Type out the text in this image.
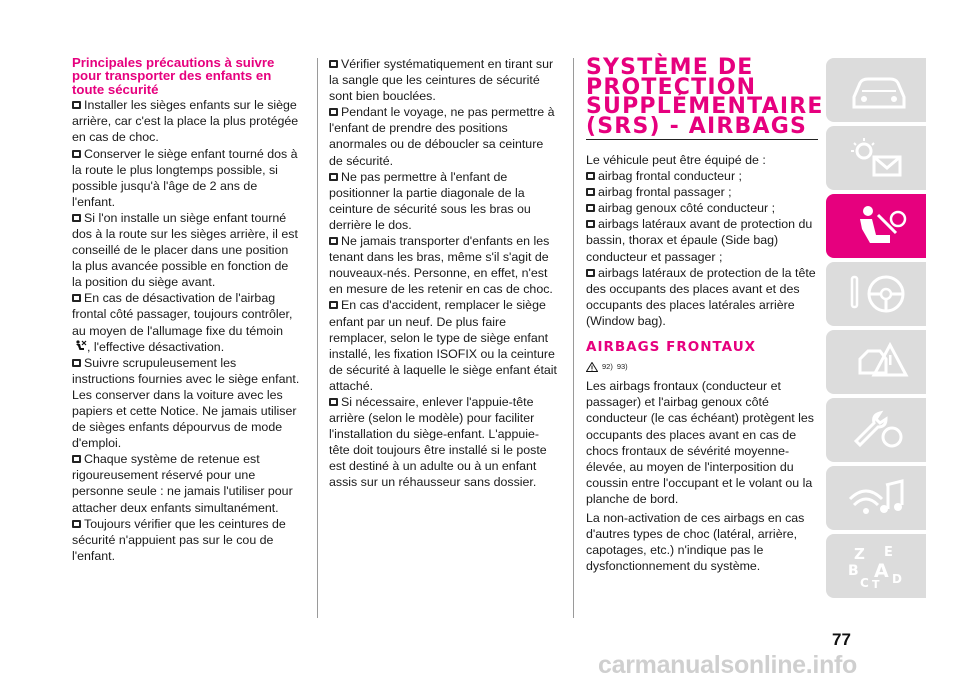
Principales précautions à suivre pour transporter des enfants en toute sécurité

Installer les sièges enfants sur le siège arrière, car c'est la place la plus protégée en cas de choc.

Conserver le siège enfant tourné dos à la route le plus longtemps possible, si possible jusqu'à l'âge de 2 ans de l'enfant.

Si l'on installe un siège enfant tourné dos à la route sur les sièges arrière, il est conseillé de le placer dans une position la plus avancée possible en fonction de la position du siège avant.

En cas de désactivation de l'airbag frontal côté passager, toujours contrôler, au moyen de l'allumage fixe du témoin , l'effective désactivation.

Suivre scrupuleusement les instructions fournies avec le siège enfant. Les conserver dans la voiture avec les papiers et cette Notice. Ne jamais utiliser de sièges enfants dépourvus de mode d'emploi.

Chaque système de retenue est rigoureusement réservé pour une personne seule : ne jamais l'utiliser pour attacher deux enfants simultanément.

Toujours vérifier que les ceintures de sécurité n'appuient pas sur le cou de l'enfant.

Vérifier systématiquement en tirant sur la sangle que les ceintures de sécurité sont bien bouclées.

Pendant le voyage, ne pas permettre à l'enfant de prendre des positions anormales ou de déboucler sa ceinture de sécurité.

Ne pas permettre à l'enfant de positionner la partie diagonale de la ceinture de sécurité sous les bras ou derrière le dos.

Ne jamais transporter d'enfants en les tenant dans les bras, même s'il s'agit de nouveaux-nés. Personne, en effet, n'est en mesure de les retenir en cas de choc.

En cas d'accident, remplacer le siège enfant par un neuf. De plus faire remplacer, selon le type de siège enfant installé, les fixation ISOFIX ou la ceinture de sécurité à laquelle le siège enfant était attaché.

Si nécessaire, enlever l'appuie-tête arrière (selon le modèle) pour faciliter l'installation du siège-enfant. L'appuie-tête doit toujours être installé si le poste est destiné à un adulte ou à un enfant assis sur un réhausseur sans dossier.

SYSTÈME DE PROTECTION SUPPLÉMENTAIRE (SRS) - AIRBAGS

Le véhicule peut être équipé de :

airbag frontal conducteur ;

airbag frontal passager ;

airbag genoux côté conducteur ;

airbags latéraux avant de protection du bassin, thorax et épaule (Side bag) conducteur et passager ;

airbags latéraux de protection de la tête des occupants des places avant et des occupants des places latérales arrière (Window bag).

AIRBAGS FRONTAUX
92) 93)

Les airbags frontaux (conducteur et passager) et l'airbag genoux côté conducteur (le cas échéant) protègent les occupants des places avant en cas de chocs frontaux de sévérité moyenne-élevée, au moyen de l'interposition du coussin entre l'occupant et le volant ou la planche de bord.

La non-activation de ces airbags en cas d'autres types de choc (latéral, arrière, capotages, etc.) n'indique pas le dysfonctionnement du système.

Z E
B A
C T D
77
carmanualsonline.info
